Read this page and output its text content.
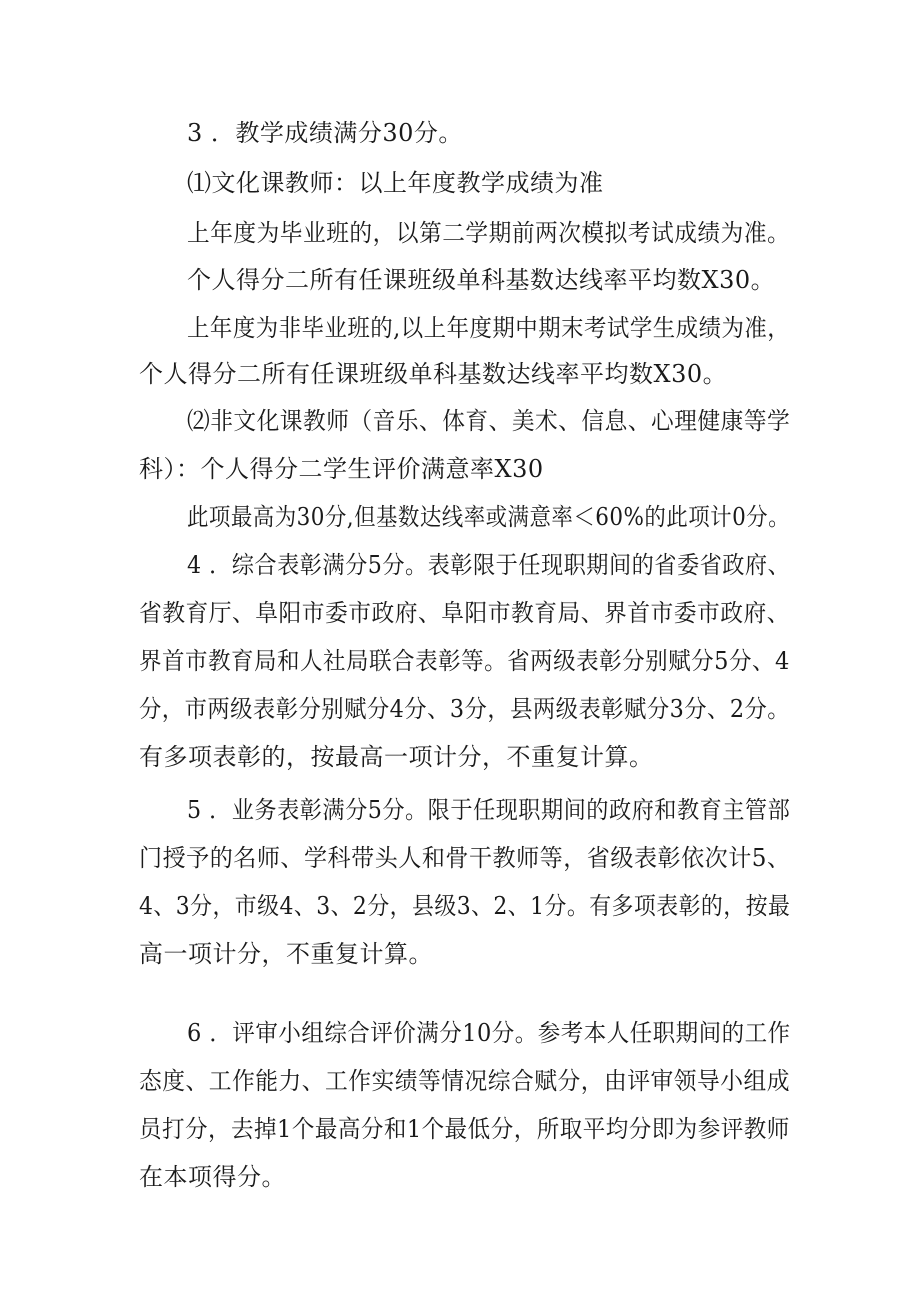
3 ．教学成绩满分30分。
⑴文化课教师：以上年度教学成绩为准
上年度为毕业班的，以第二学期前两次模拟考试成绩为准。
个人得分二所有任课班级单科基数达线率平均数X30。
上年度为非毕业班的,以上年度期中期末考试学生成绩为准，
个人得分二所有任课班级单科基数达线率平均数X30。
⑵非文化课教师（音乐、体育、美术、信息、心理健康等学
科）：个人得分二学生评价满意率X30
此项最高为30分,但基数达线率或满意率＜60%的此项计0分。
4 ．综合表彰满分5分。表彰限于任现职期间的省委省政府、
省教育厅、阜阳市委市政府、阜阳市教育局、界首市委市政府、
界首市教育局和人社局联合表彰等。省两级表彰分别赋分5分、4
分，市两级表彰分别赋分4分、3分，县两级表彰赋分3分、2分。
有多项表彰的，按最高一项计分，不重复计算。
5 ．业务表彰满分5分。限于任现职期间的政府和教育主管部
门授予的名师、学科带头人和骨干教师等，省级表彰依次计5、
4、3分，市级4、3、2分，县级3、2、1分。有多项表彰的，按最
高一项计分，不重复计算。
6 ．评审小组综合评价满分10分。参考本人任职期间的工作
态度、工作能力、工作实绩等情况综合赋分，由评审领导小组成
员打分，去掉1个最高分和1个最低分，所取平均分即为参评教师
在本项得分。
